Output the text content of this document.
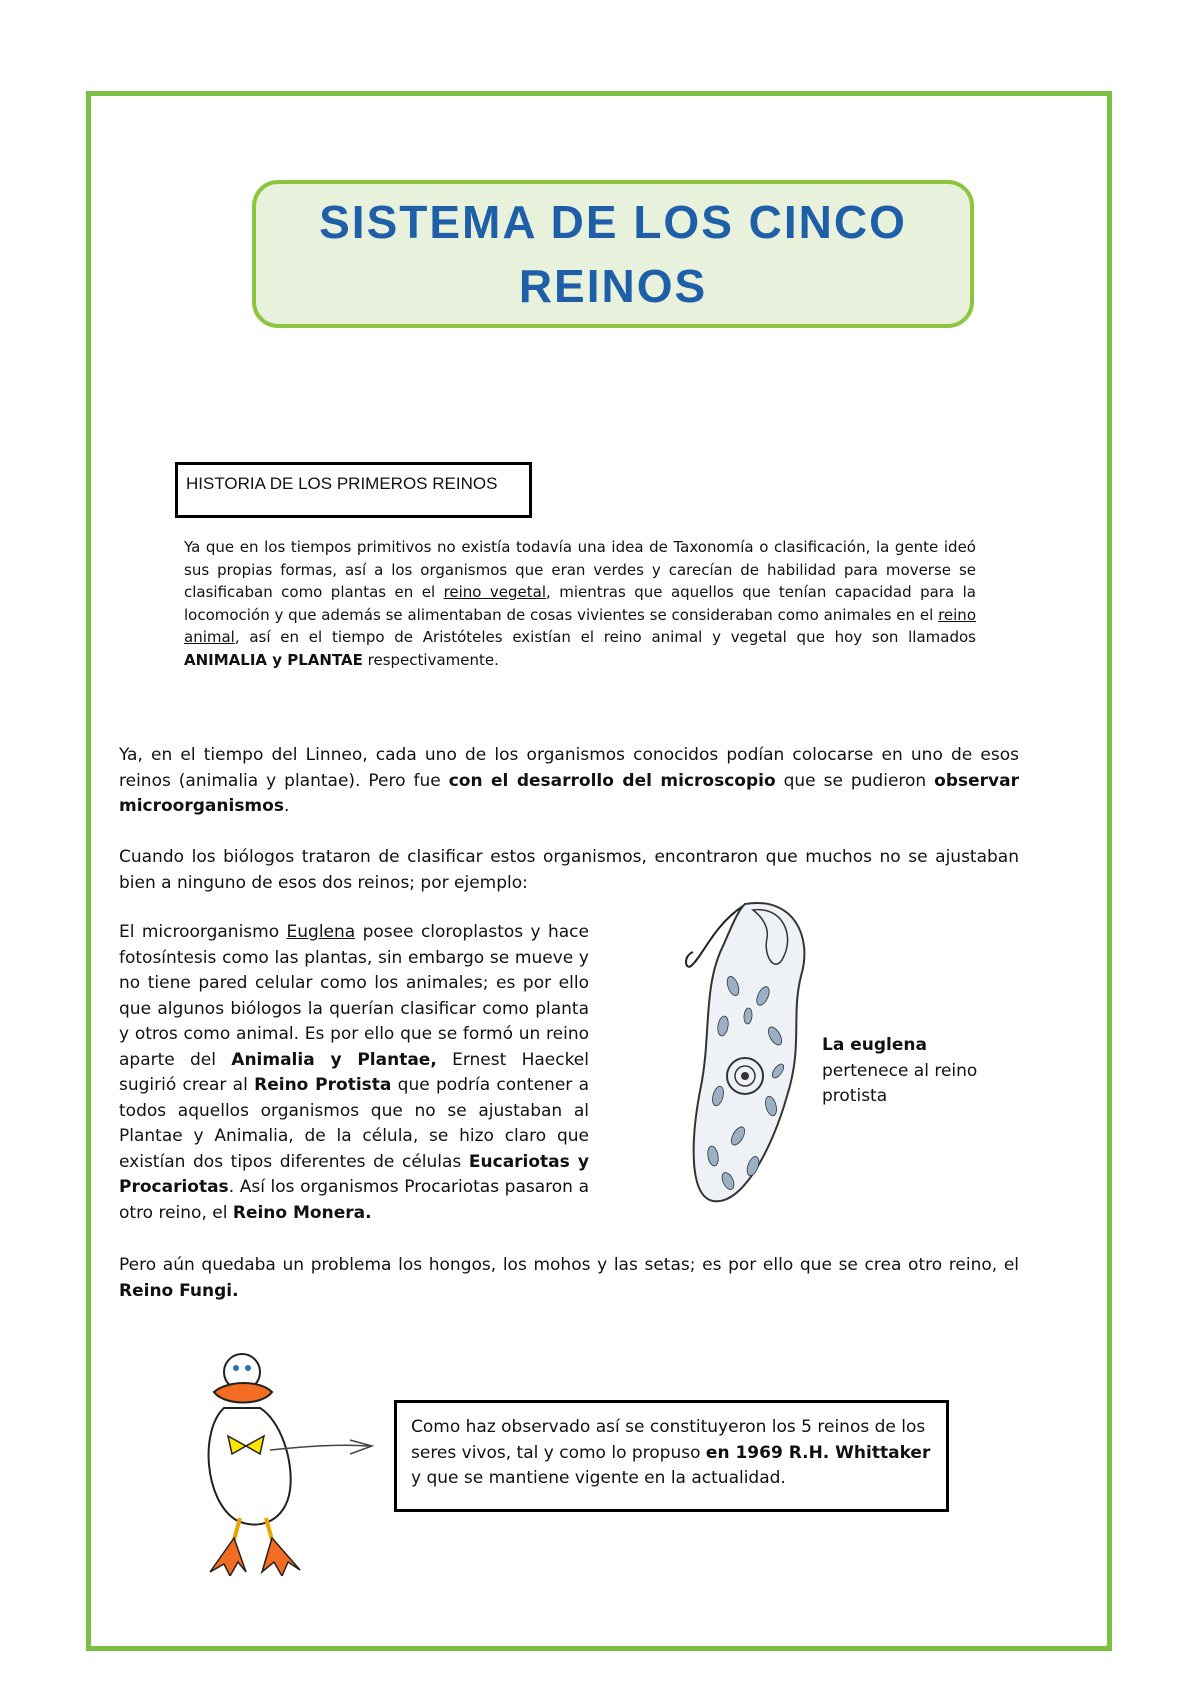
SISTEMA DE LOS CINCO
REINOS
HISTORIA DE LOS PRIMEROS REINOS
Ya que en los tiempos primitivos no existía todavía una idea de Taxonomía o clasificación, la gente ideó sus propias formas, así a los organismos que eran verdes y carecían de habilidad para moverse se clasificaban como plantas en el reino vegetal, mientras que aquellos que tenían capacidad para la locomoción y que además se alimentaban de cosas vivientes se consideraban como animales en el reino animal, así en el tiempo de Aristóteles existían el reino animal y vegetal que hoy son llamados ANIMALIA y PLANTAE respectivamente.
Ya, en el tiempo del Linneo, cada uno de los organismos conocidos podían colocarse en uno de esos reinos (animalia y plantae). Pero fue con el desarrollo del microscopio que se pudieron observar microorganismos.
Cuando los biólogos trataron de clasificar estos organismos, encontraron que muchos no se ajustaban bien a ninguno de esos dos reinos; por ejemplo:
El microorganismo Euglena posee cloroplastos y hace fotosíntesis como las plantas, sin embargo se mueve y no tiene pared celular como los animales; es por ello que algunos biólogos la querían clasificar como planta y otros como animal. Es por ello que se formó un reino aparte del Animalia y Plantae, Ernest Haeckel sugirió crear al Reino Protista que podría contener a todos aquellos organismos que no se ajustaban al Plantae y Animalia, de la célula, se hizo claro que existían dos tipos diferentes de células Eucariotas y Procariotas. Así los organismos Procariotas pasaron a otro reino, el Reino Monera.
La euglena
pertenece al reino protista
Pero aún quedaba un problema los hongos, los mohos y las setas; es por ello que se crea otro reino, el Reino Fungi.
Como haz observado así se constituyeron los 5 reinos de los seres vivos, tal y como lo propuso en 1969 R.H. Whittaker y que se mantiene vigente en la actualidad.
